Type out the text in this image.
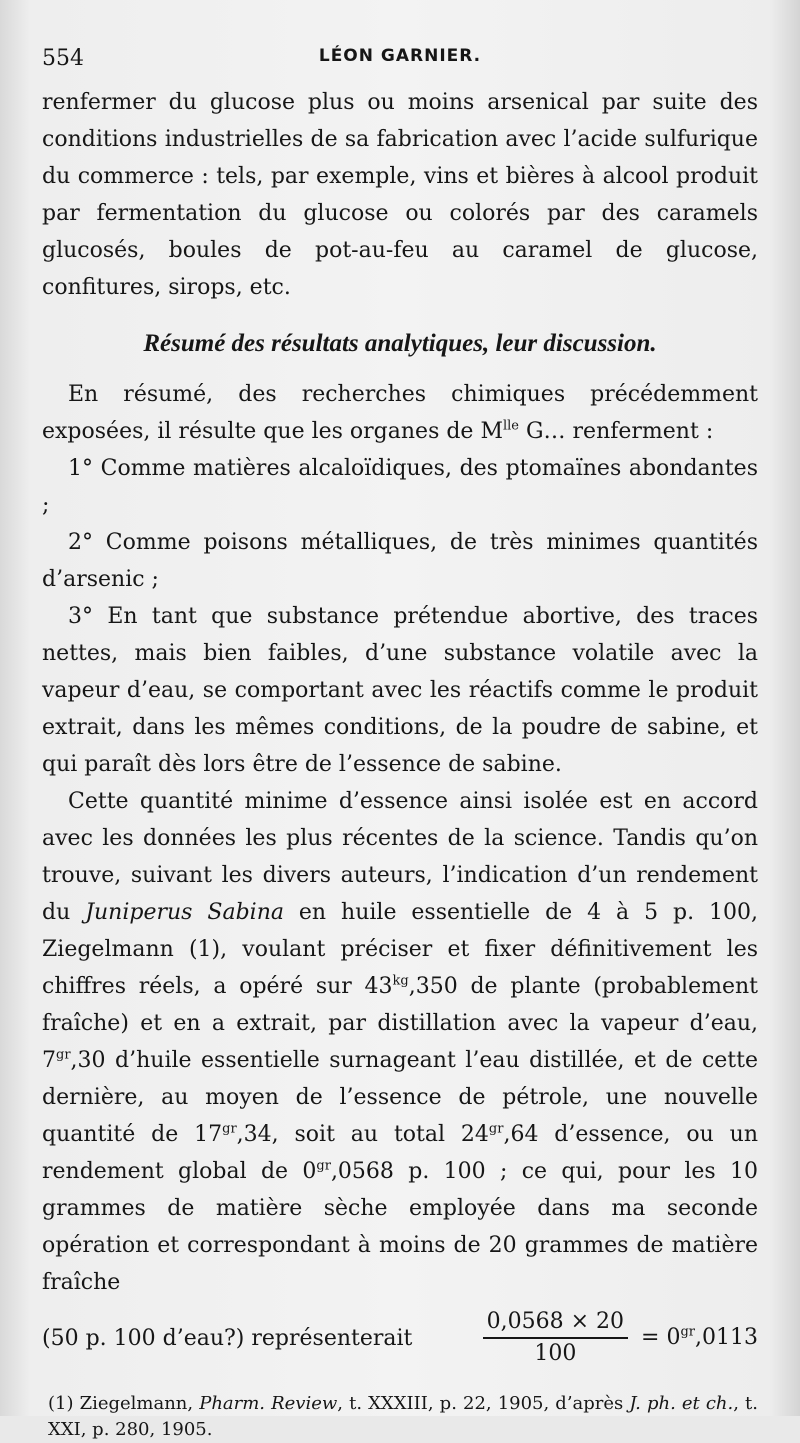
554	LÉON GARNIER.

renfermer du glucose plus ou moins arsenical par suite des conditions industrielles de sa fabrication avec l’acide sulfurique du commerce : tels, par exemple, vins et bières à alcool produit par fermentation du glucose ou colorés par des caramels glucosés, boules de pot-au-feu au caramel de glucose, confitures, sirops, etc.

Résumé des résultats analytiques, leur discussion.

En résumé, des recherches chimiques précédemment exposées, il résulte que les organes de $M^{lle}$ G… renferment :

1° Comme matières alcaloïdiques, des ptomaïnes abondantes ;

2° Comme poisons métalliques, de très minimes quantités d’arsenic ;

3° En tant que substance prétendue abortive, des traces nettes, mais bien faibles, d’une substance volatile avec la vapeur d’eau, se comportant avec les réactifs comme le produit extrait, dans les mêmes conditions, de la poudre de sabine, et qui paraît dès lors être de l’essence de sabine.

Cette quantité minime d’essence ainsi isolée est en accord avec les données les plus récentes de la science. Tandis qu’on trouve, suivant les divers auteurs, l’indication d’un rendement du Juniperus Sabina en huile essentielle de 4 à 5 p. 100, Ziegelmann (1), voulant préciser et fixer définitivement les chiffres réels, a opéré sur $43^{kg},350$ de plante (probablement fraîche) et en a extrait, par distillation avec la vapeur d’eau, $7^{gr},30$ d’huile essentielle surnageant l’eau distillée, et de cette dernière, au moyen de l’essence de pétrole, une nouvelle quantité de $17^{gr},34$, soit au total $24^{gr},64$ d’essence, ou un rendement global de $0^{gr},0568$ p. 100 ; ce qui, pour les 10 grammes de matière sèche employée dans ma seconde opération et correspondant à moins de 20 grammes de matière fraîche

(50 p. 100 d’eau?) représenterait	$\frac{0,0568 \times 20}{100} = 0^{gr},0113$
(1) Ziegelmann, Pharm. Review, t. XXXIII, p. 22, 1905, d’après J. ph. et ch., t. XXI, p. 280, 1905.
